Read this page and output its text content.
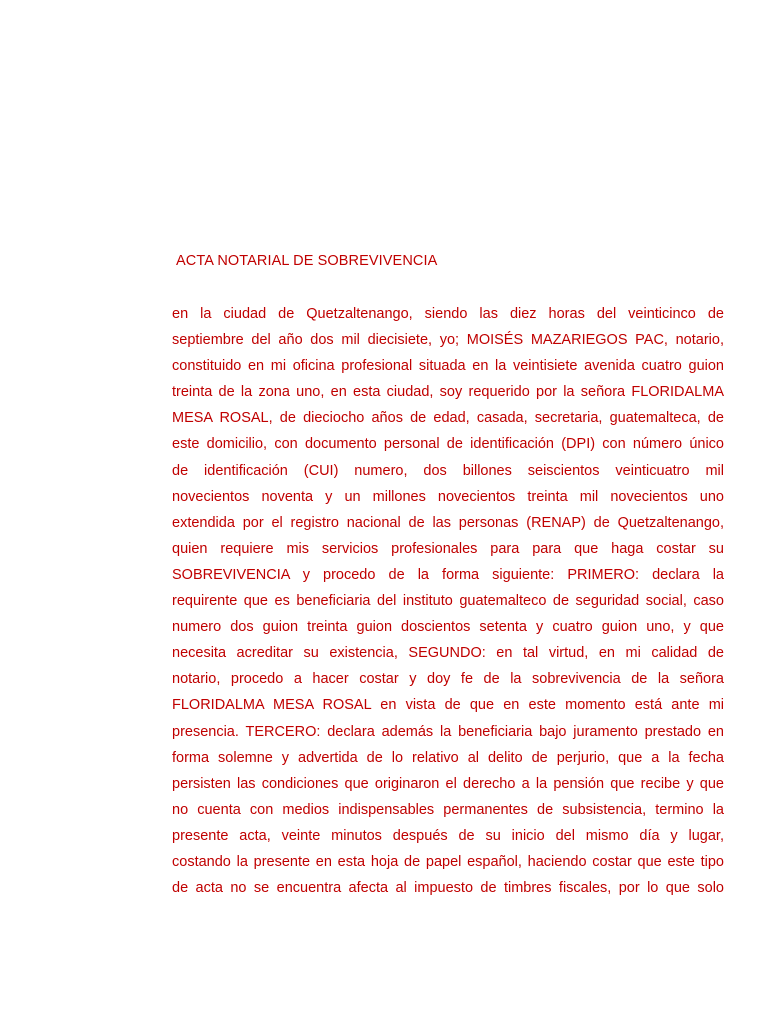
ACTA NOTARIAL DE SOBREVIVENCIA
en la ciudad de Quetzaltenango, siendo las diez horas del veinticinco de
septiembre del año dos mil diecisiete, yo; MOISÉS MAZARIEGOS PAC, notario,
constituido en mi oficina profesional situada en la veintisiete avenida cuatro guion
treinta de la zona uno, en esta ciudad, soy requerido por la señora FLORIDALMA
MESA ROSAL, de dieciocho años de edad, casada, secretaria, guatemalteca, de
este domicilio, con documento personal de identificación (DPI) con número único
de identificación (CUI) numero, dos billones seiscientos veinticuatro mil
novecientos noventa y un millones novecientos treinta mil novecientos uno
extendida por el registro nacional de las personas (RENAP) de Quetzaltenango,
quien requiere mis servicios profesionales para para que haga costar su
SOBREVIVENCIA y procedo de la forma siguiente: PRIMERO: declara la
requirente que es beneficiaria del instituto guatemalteco de seguridad social, caso
numero dos guion treinta guion doscientos setenta y cuatro guion uno, y que
necesita acreditar su existencia, SEGUNDO: en tal virtud, en mi calidad de
notario, procedo a hacer costar y doy fe de la sobrevivencia de la señora
FLORIDALMA MESA ROSAL en vista de que en este momento está ante mi
presencia. TERCERO: declara además la beneficiaria bajo juramento prestado en
forma solemne y advertida de lo relativo al delito de perjurio, que a la fecha
persisten las condiciones que originaron el derecho a la pensión que recibe y que
no cuenta con medios indispensables permanentes de subsistencia, termino la
presente acta, veinte minutos después de su inicio del mismo día y lugar,
costando la presente en esta hoja de papel español, haciendo costar que este tipo
de acta no se encuentra afecta al impuesto de timbres fiscales, por lo que solo
